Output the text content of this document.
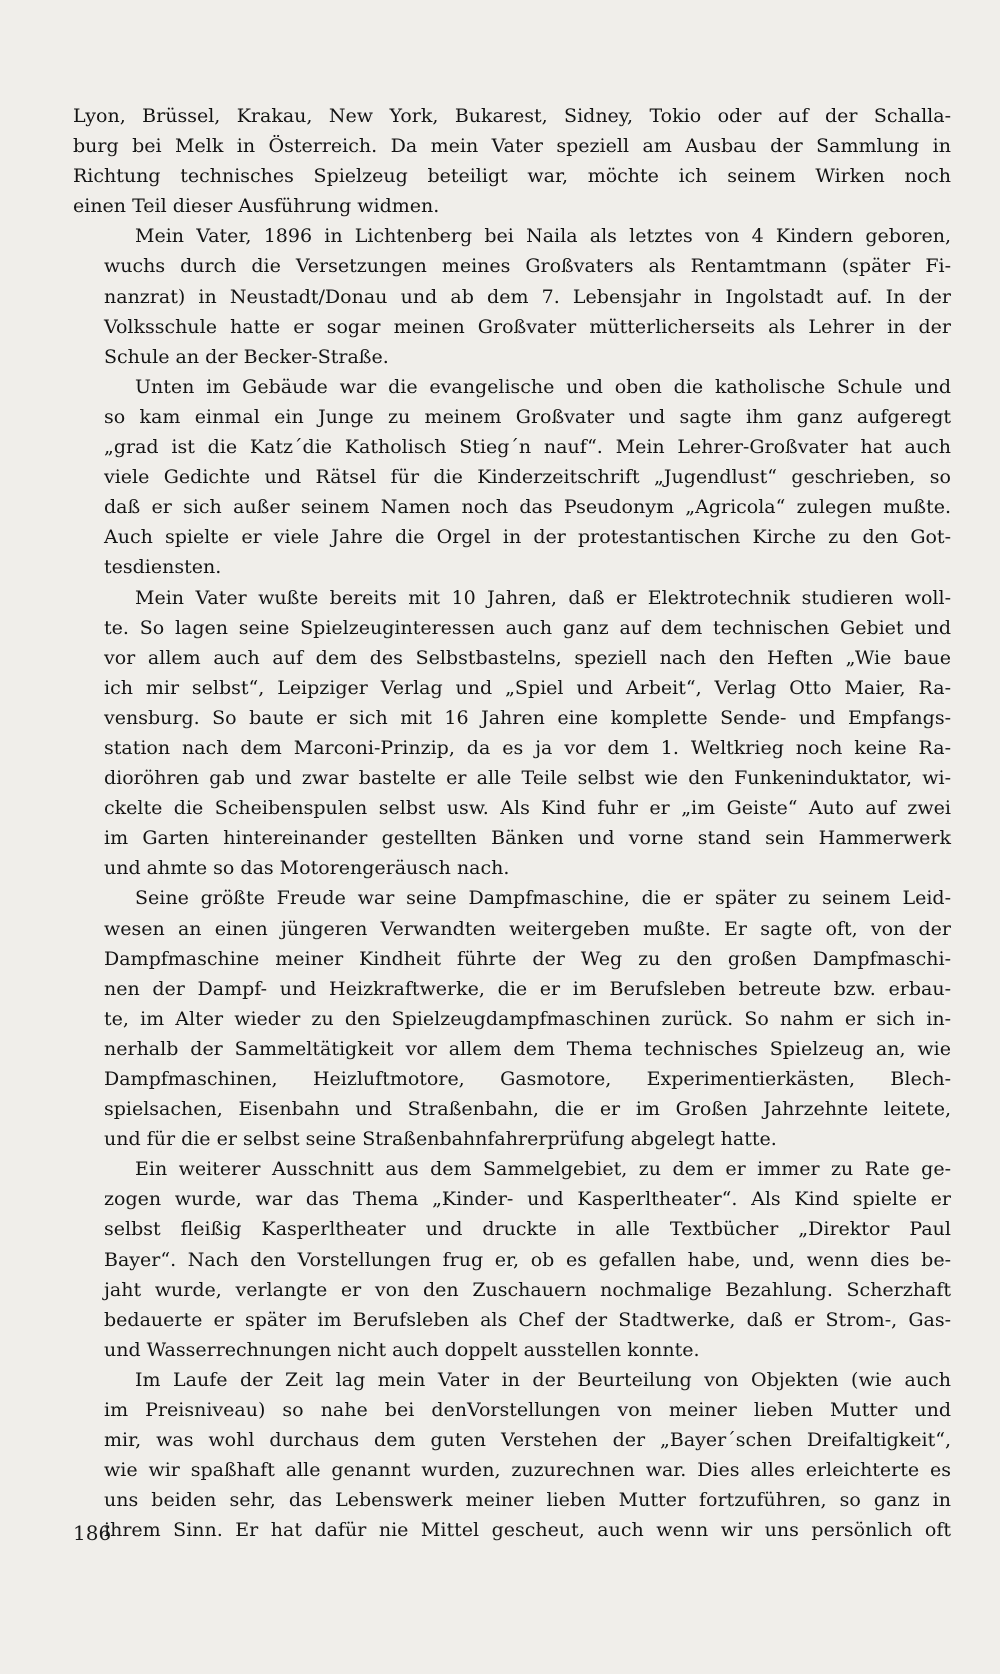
Lyon, Brüssel, Krakau, New York, Bukarest, Sidney, Tokio oder auf der Schalla-
burg bei Melk in Österreich. Da mein Vater speziell am Ausbau der Sammlung in
Richtung technisches Spielzeug beteiligt war, möchte ich seinem Wirken noch
einen Teil dieser Ausführung widmen.

Mein Vater, 1896 in Lichtenberg bei Naila als letztes von 4 Kindern geboren,
wuchs durch die Versetzungen meines Großvaters als Rentamtmann (später Fi-
nanzrat) in Neustadt/Donau und ab dem 7. Lebensjahr in Ingolstadt auf. In der
Volksschule hatte er sogar meinen Großvater mütterlicherseits als Lehrer in der
Schule an der Becker-Straße.

Unten im Gebäude war die evangelische und oben die katholische Schule und
so kam einmal ein Junge zu meinem Großvater und sagte ihm ganz aufgeregt
„grad ist die Katz´die Katholisch Stieg´n nauf“. Mein Lehrer-Großvater hat auch
viele Gedichte und Rätsel für die Kinderzeitschrift „Jugendlust“ geschrieben, so
daß er sich außer seinem Namen noch das Pseudonym „Agricola“ zulegen mußte.
Auch spielte er viele Jahre die Orgel in der protestantischen Kirche zu den Got-
tesdiensten.

Mein Vater wußte bereits mit 10 Jahren, daß er Elektrotechnik studieren woll-
te. So lagen seine Spielzeuginteressen auch ganz auf dem technischen Gebiet und
vor allem auch auf dem des Selbstbastelns, speziell nach den Heften „Wie baue
ich mir selbst“, Leipziger Verlag und „Spiel und Arbeit“, Verlag Otto Maier, Ra-
vensburg. So baute er sich mit 16 Jahren eine komplette Sende- und Empfangs-
station nach dem Marconi-Prinzip, da es ja vor dem 1. Weltkrieg noch keine Ra-
dioröhren gab und zwar bastelte er alle Teile selbst wie den Funkeninduktator, wi-
ckelte die Scheibenspulen selbst usw. Als Kind fuhr er „im Geiste“ Auto auf zwei
im Garten hintereinander gestellten Bänken und vorne stand sein Hammerwerk
und ahmte so das Motorengeräusch nach.

Seine größte Freude war seine Dampfmaschine, die er später zu seinem Leid-
wesen an einen jüngeren Verwandten weitergeben mußte. Er sagte oft, von der
Dampfmaschine meiner Kindheit führte der Weg zu den großen Dampfmaschi-
nen der Dampf- und Heizkraftwerke, die er im Berufsleben betreute bzw. erbau-
te, im Alter wieder zu den Spielzeugdampfmaschinen zurück. So nahm er sich in-
nerhalb der Sammeltätigkeit vor allem dem Thema technisches Spielzeug an, wie
Dampfmaschinen, Heizluftmotore, Gasmotore, Experimentierkästen, Blech-
spielsachen, Eisenbahn und Straßenbahn, die er im Großen Jahrzehnte leitete,
und für die er selbst seine Straßenbahnfahrerprüfung abgelegt hatte.

Ein weiterer Ausschnitt aus dem Sammelgebiet, zu dem er immer zu Rate ge-
zogen wurde, war das Thema „Kinder- und Kasperltheater“. Als Kind spielte er
selbst fleißig Kasperltheater und druckte in alle Textbücher „Direktor Paul
Bayer“. Nach den Vorstellungen frug er, ob es gefallen habe, und, wenn dies be-
jaht wurde, verlangte er von den Zuschauern nochmalige Bezahlung. Scherzhaft
bedauerte er später im Berufsleben als Chef der Stadtwerke, daß er Strom-, Gas-
und Wasserrechnungen nicht auch doppelt ausstellen konnte.

Im Laufe der Zeit lag mein Vater in der Beurteilung von Objekten (wie auch
im Preisniveau) so nahe bei denVorstellungen von meiner lieben Mutter und
mir, was wohl durchaus dem guten Verstehen der „Bayer´schen Dreifaltigkeit“,
wie wir spaßhaft alle genannt wurden, zuzurechnen war. Dies alles erleichterte es
uns beiden sehr, das Lebenswerk meiner lieben Mutter fortzuführen, so ganz in
ihrem Sinn. Er hat dafür nie Mittel gescheut, auch wenn wir uns persönlich oft

186
